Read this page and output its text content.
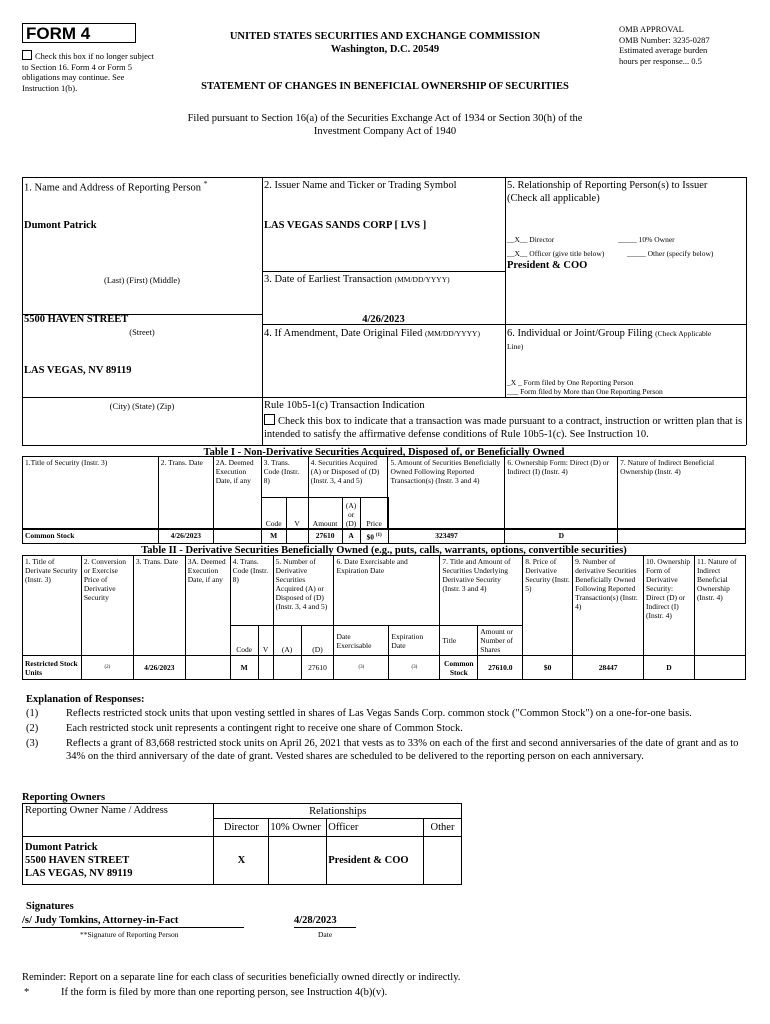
FORM 4
Check this box if no longer subject to Section 16. Form 4 or Form 5 obligations may continue. See Instruction 1(b).
UNITED STATES SECURITIES AND EXCHANGE COMMISSION
Washington, D.C. 20549
STATEMENT OF CHANGES IN BENEFICIAL OWNERSHIP OF SECURITIES
OMB APPROVAL
OMB Number: 3235-0287
Estimated average burden
hours per response... 0.5
Filed pursuant to Section 16(a) of the Securities Exchange Act of 1934 or Section 30(h) of the
Investment Company Act of 1940
1. Name and Address of Reporting Person *
Dumont Patrick
(Last) (First) (Middle)
5500 HAVEN STREET
(Street)
LAS VEGAS, NV 89119
(City) (State) (Zip)
2. Issuer Name and Ticker or Trading Symbol
LAS VEGAS SANDS CORP [ LVS ]
3. Date of Earliest Transaction (MM/DD/YYYY)
4/26/2023
4. If Amendment, Date Original Filed (MM/DD/YYYY)
5. Relationship of Reporting Person(s) to Issuer
(Check all applicable)
__X__ Director	_____ 10% Owner
__X__ Officer (give title below)	_____ Other (specify below)
President & COO
6. Individual or Joint/Group Filing (Check Applicable
Line)
_X _ Form filed by One Reporting Person
___ Form filed by More than One Reporting Person
Rule 10b5-1(c) Transaction Indication
Check this box to indicate that a transaction was made pursuant to a contract, instruction or written plan that is intended to satisfy the affirmative defense conditions of Rule 10b5-1(c). See Instruction 10.
Table I - Non-Derivative Securities Acquired, Disposed of, or Beneficially Owned
1.Title of Security (Instr. 3)	2. Trans. Date	2A. Deemed Execution Date, if any	3. Trans. Code (Instr. 8)	4. Securities Acquired (A) or Disposed of (D) (Instr. 3, 4 and 5)	5. Amount of Securities Beneficially Owned Following Reported Transaction(s) (Instr. 3 and 4)	6. Ownership Form: Direct (D) or Indirect (I) (Instr. 4)	7. Nature of Indirect Beneficial Ownership (Instr. 4)
			Code	V	Amount	(A) or (D)	Price			
Common Stock	4/26/2023		M		27610	A	$0 $^{(1)}$	323497	D	
Table II - Derivative Securities Beneficially Owned (e.g., puts, calls, warrants, options, convertible securities)
1. Title of Derivate Security (Instr. 3)	2. Conversion or Exercise Price of Derivative Security	3. Trans. Date	3A. Deemed Execution Date, if any	4. Trans. Code (Instr. 8)		5. Number of Derivative Securities Acquired (A) or Disposed of (D) (Instr. 3, 4 and 5)		6. Date Exercisable and Expiration Date		7. Title and Amount of Securities Underlying Derivative Security (Instr. 3 and 4)		8. Price of Derivative Security (Instr. 5)	9. Number of derivative Securities Beneficially Owned Following Reported Transaction(s) (Instr. 4)	10. Ownership Form of Derivative Security: Direct (D) or Indirect (I) (Instr. 4)	11. Nature of Indirect Beneficial Ownership (Instr. 4)
				Code	V	(A)	(D)	Date Exercisable	Expiration Date	Title	Amount or Number of Shares				
Restricted Stock Units	(2)	4/26/2023		M			27610	(3)	(3)	Common Stock	27610.0	$0	28447	D	
Explanation of Responses:
(1)	Reflects restricted stock units that upon vesting settled in shares of Las Vegas Sands Corp. common stock ("Common Stock") on a one-for-one basis.
(2)	Each restricted stock unit represents a contingent right to receive one share of Common Stock.
(3)	Reflects a grant of 83,668 restricted stock units on April 26, 2021 that vests as to 33% on each of the first and second anniversaries of the date of grant and as to 34% on the third anniversary of the date of grant. Vested shares are scheduled to be delivered to the reporting person on each anniversary.
Reporting Owners
Reporting Owner Name / Address	Relationships			
	Director	10% Owner	Officer	Other

Dumont Patrick
5500 HAVEN STREET
LAS VEGAS, NV 89119	X		President & COO	
Signatures
/s/ Judy Tomkins, Attorney-in-Fact	4/28/2023
**Signature of Reporting Person	Date
Reminder: Report on a separate line for each class of securities beneficially owned directly or indirectly.
*	If the form is filed by more than one reporting person, see Instruction 4(b)(v).
